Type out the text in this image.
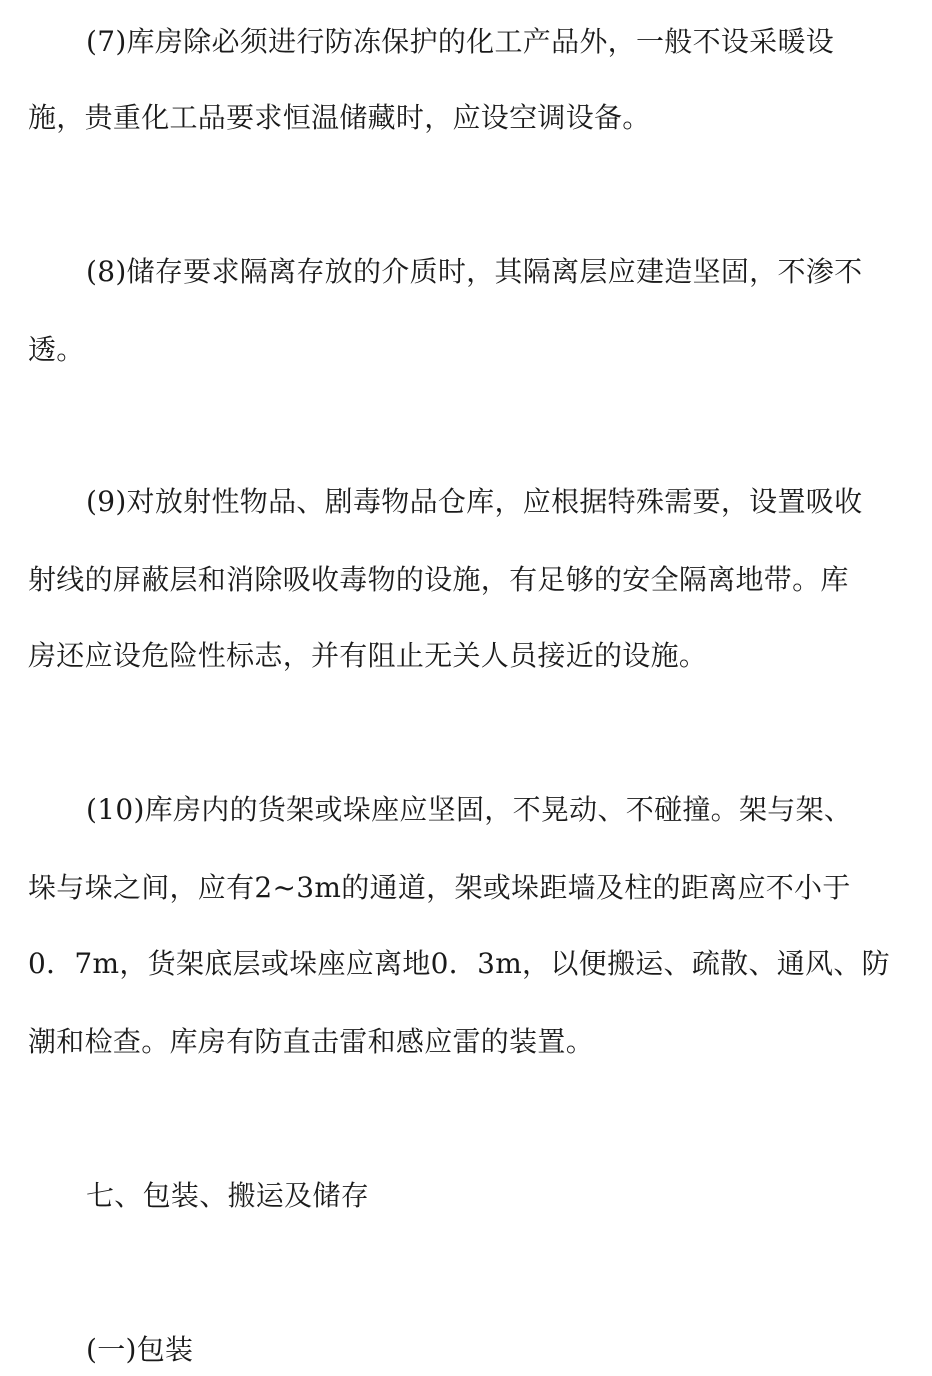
(7)库房除必须进行防冻保护的化工产品外，一般不设采暖设
施，贵重化工品要求恒温储藏时，应设空调设备。
(8)储存要求隔离存放的介质时，其隔离层应建造坚固，不渗不
透。
(9)对放射性物品、剧毒物品仓库，应根据特殊需要，设置吸收
射线的屏蔽层和消除吸收毒物的设施，有足够的安全隔离地带。库
房还应设危险性标志，并有阻止无关人员接近的设施。
(10)库房内的货架或垛座应坚固，不晃动、不碰撞。架与架、
垛与垛之间，应有2~3m的通道，架或垛距墙及柱的距离应不小于
0．7m，货架底层或垛座应离地0．3m，以便搬运、疏散、通风、防
潮和检查。库房有防直击雷和感应雷的装置。
七、包装、搬运及储存
(一)包装
